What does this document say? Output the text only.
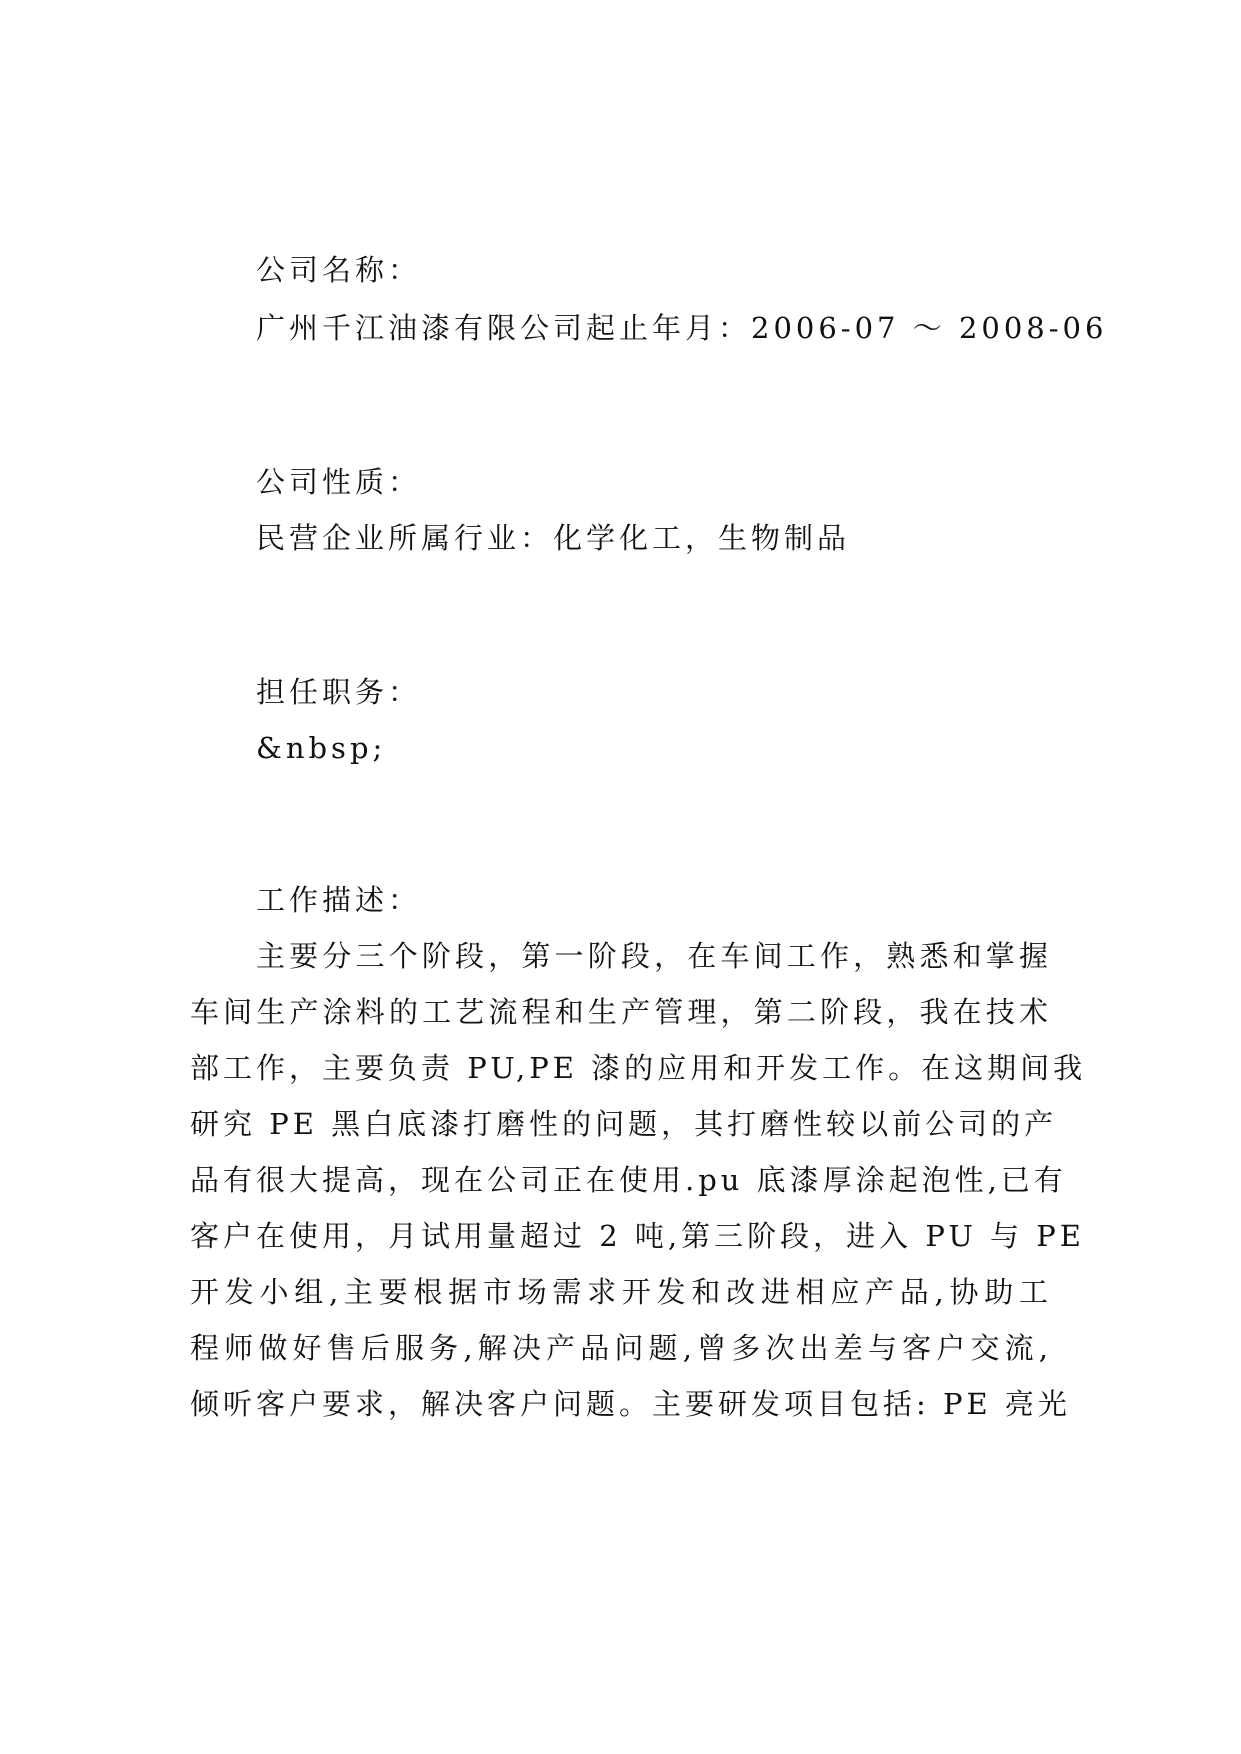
公司名称：
广州千江油漆有限公司起止年月：2006-07 ～ 2008-06
公司性质：
民营企业所属行业：化学化工，生物制品
担任职务：
&nbsp;
工作描述：
主要分三个阶段，第一阶段，在车间工作，熟悉和掌握
车间生产涂料的工艺流程和生产管理，第二阶段，我在技术
部工作，主要负责 PU,PE 漆的应用和开发工作。在这期间我
研究 PE 黑白底漆打磨性的问题，其打磨性较以前公司的产
品有很大提高，现在公司正在使用.pu 底漆厚涂起泡性,已有
客户在使用，月试用量超过 2 吨,第三阶段，进入 PU 与 PE
开发小组,主要根据市场需求开发和改进相应产品,协助工
程师做好售后服务,解决产品问题,曾多次出差与客户交流,
倾听客户要求，解决客户问题。主要研发项目包括: PE 亮光
